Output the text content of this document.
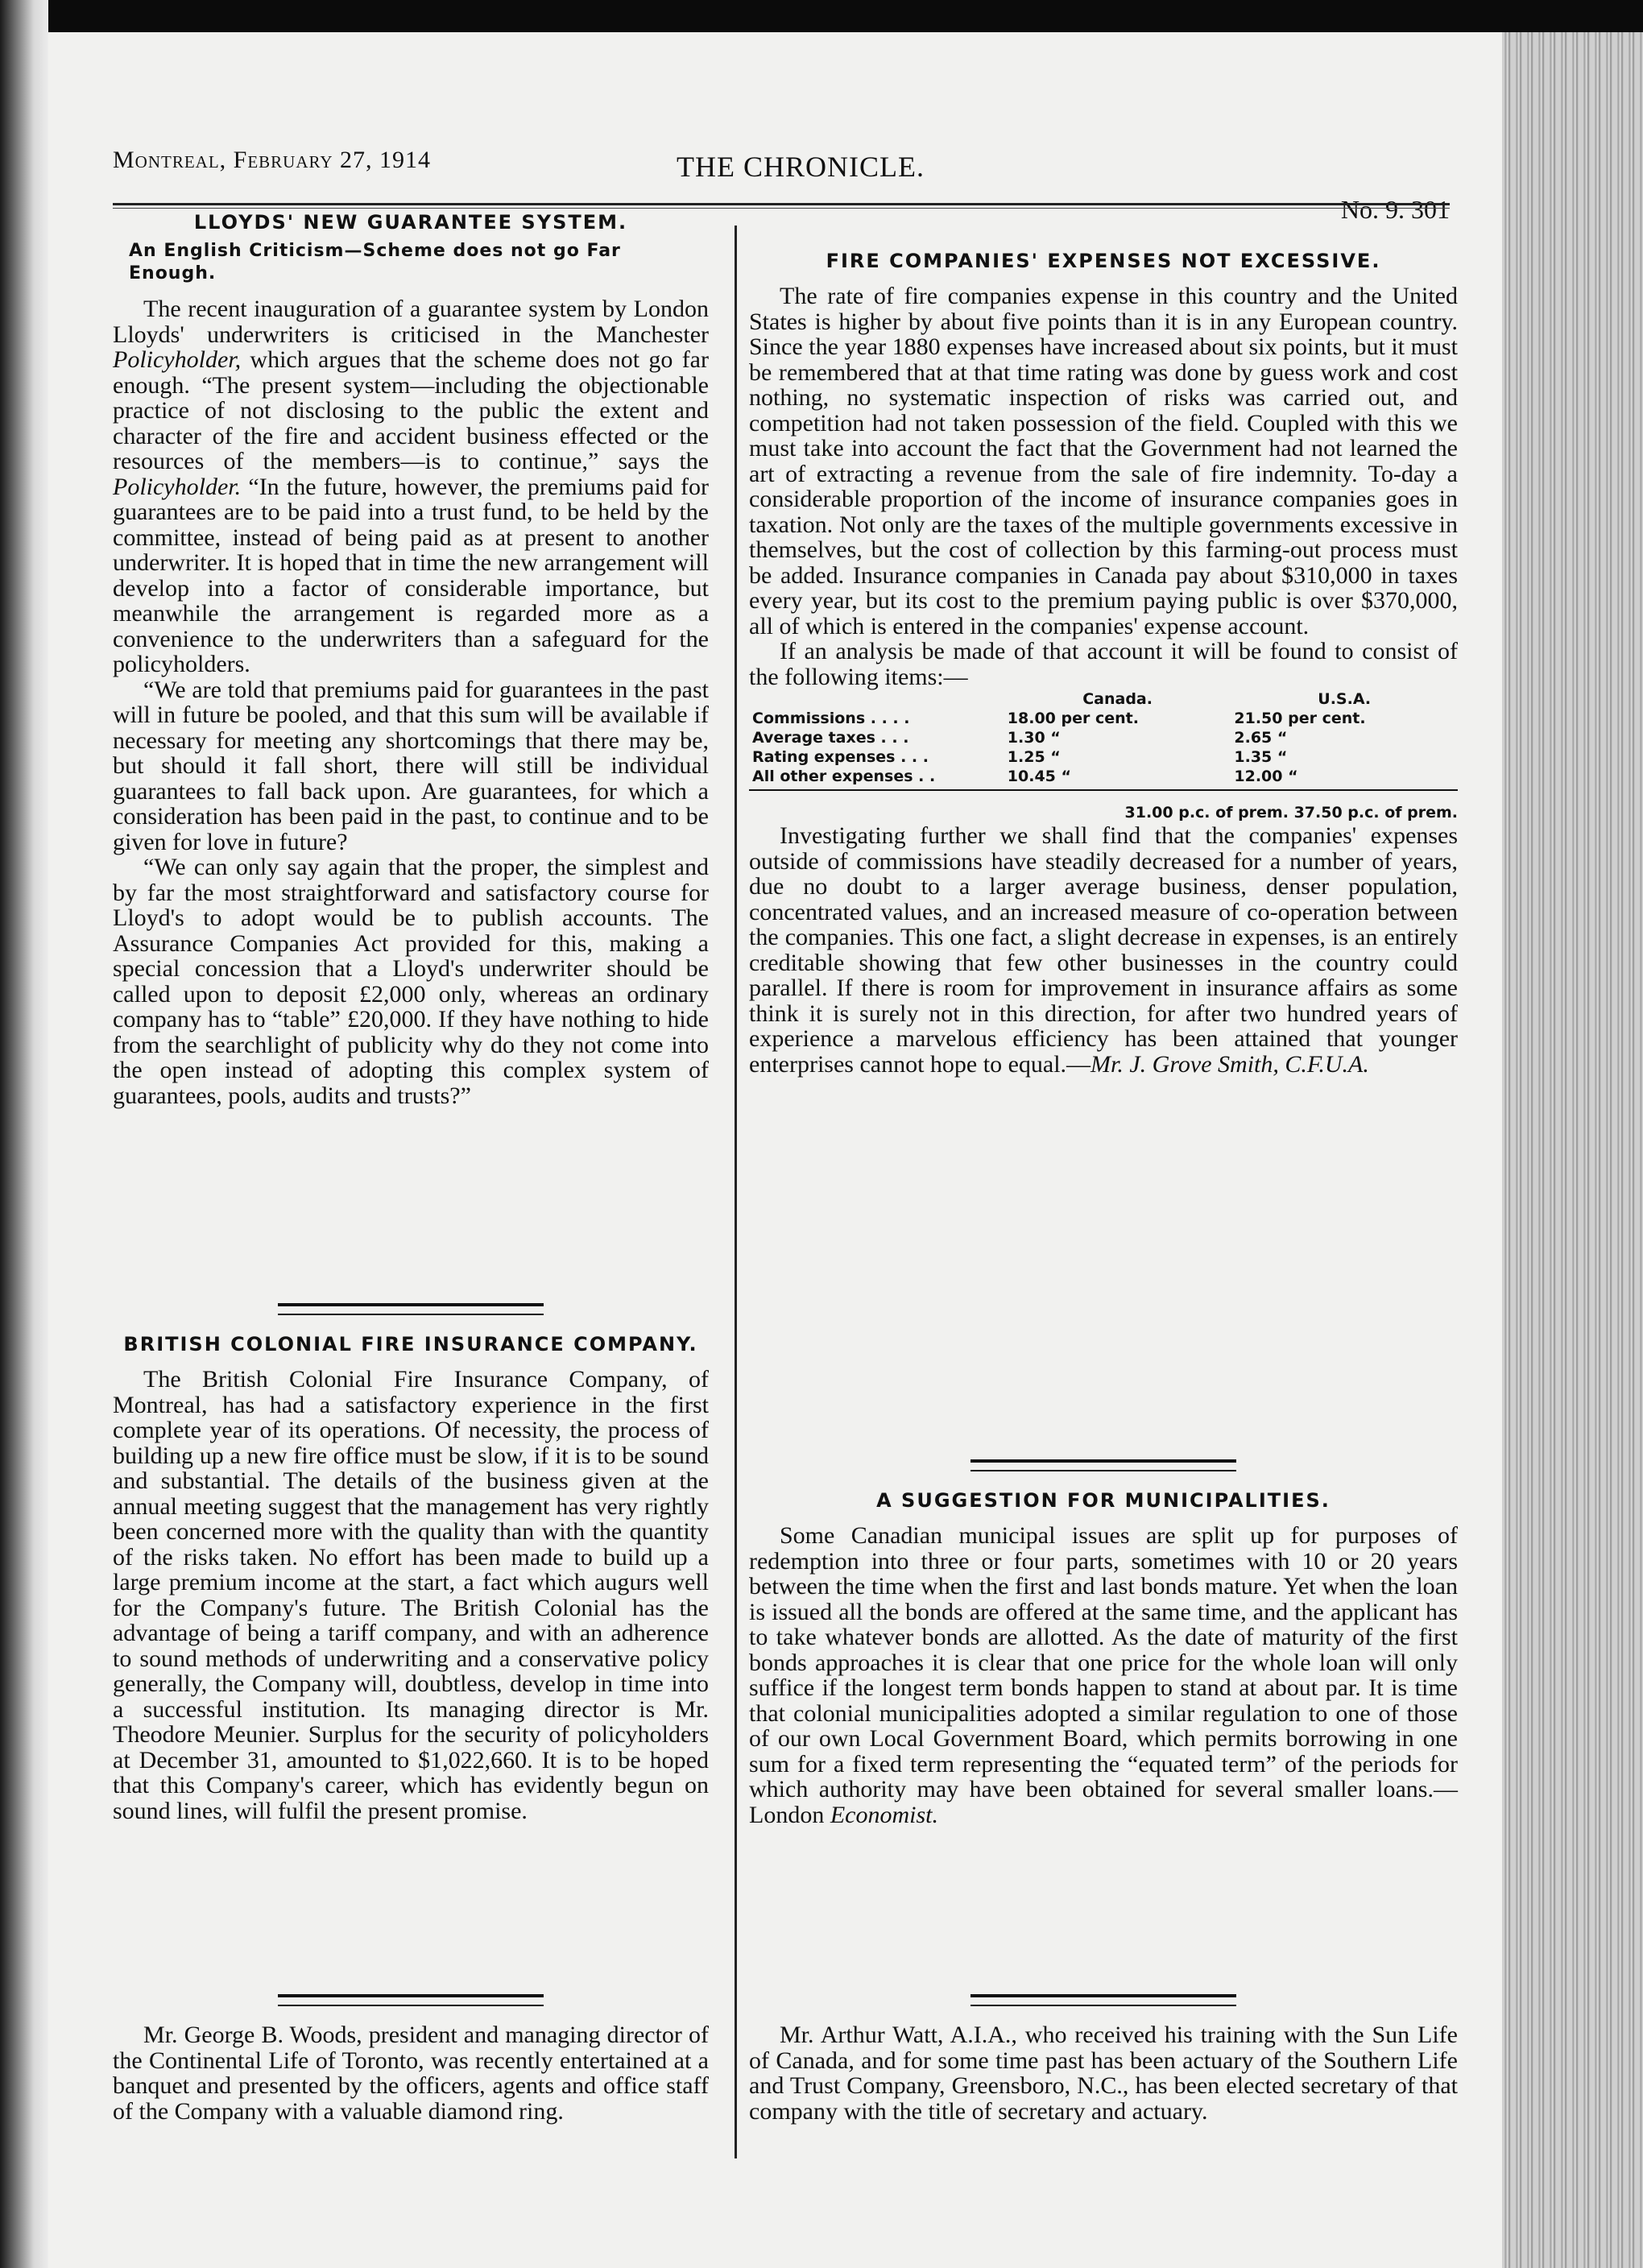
Montreal, February 27, 1914	THE CHRONICLE.
No. 9. 301
LLOYDS' NEW GUARANTEE SYSTEM.
An English Criticism—Scheme does not go Far Enough.

The recent inauguration of a guarantee system by London Lloyds' underwriters is criticised in the Manchester Policyholder, which argues that the scheme does not go far enough. “The present system—including the objectionable practice of not disclosing to the public the extent and character of the fire and accident business effected or the resources of the members—is to continue,” says the Policyholder. “In the future, however, the premiums paid for guarantees are to be paid into a trust fund, to be held by the committee, instead of being paid as at present to another underwriter. It is hoped that in time the new arrangement will develop into a factor of considerable importance, but meanwhile the arrangement is regarded more as a convenience to the underwriters than a safeguard for the policyholders.

“We are told that premiums paid for guarantees in the past will in future be pooled, and that this sum will be available if necessary for meeting any shortcomings that there may be, but should it fall short, there will still be individual guarantees to fall back upon. Are guarantees, for which a consideration has been paid in the past, to continue and to be given for love in future?

“We can only say again that the proper, the simplest and by far the most straightforward and satisfactory course for Lloyd's to adopt would be to publish accounts. The Assurance Companies Act provided for this, making a special concession that a Lloyd's underwriter should be called upon to deposit £2,000 only, whereas an ordinary company has to “table” £20,000. If they have nothing to hide from the searchlight of publicity why do they not come into the open instead of adopting this complex system of guarantees, pools, audits and trusts?”

BRITISH COLONIAL FIRE INSURANCE COMPANY.

The British Colonial Fire Insurance Company, of Montreal, has had a satisfactory experience in the first complete year of its operations. Of necessity, the process of building up a new fire office must be slow, if it is to be sound and substantial. The details of the business given at the annual meeting suggest that the management has very rightly been concerned more with the quality than with the quantity of the risks taken. No effort has been made to build up a large premium income at the start, a fact which augurs well for the Company's future. The British Colonial has the advantage of being a tariff company, and with an adherence to sound methods of underwriting and a conservative policy generally, the Company will, doubtless, develop in time into a successful institution. Its managing director is Mr. Theodore Meunier. Surplus for the security of policyholders at December 31, amounted to $1,022,660. It is to be hoped that this Company's career, which has evidently begun on sound lines, will fulfil the present promise.

Mr. George B. Woods, president and managing director of the Continental Life of Toronto, was recently entertained at a banquet and presented by the officers, agents and office staff of the Company with a valuable diamond ring.

FIRE COMPANIES' EXPENSES NOT EXCESSIVE.

The rate of fire companies expense in this country and the United States is higher by about five points than it is in any European country. Since the year 1880 expenses have increased about six points, but it must be remembered that at that time rating was done by guess work and cost nothing, no systematic inspection of risks was carried out, and competition had not taken possession of the field. Coupled with this we must take into account the fact that the Government had not learned the art of extracting a revenue from the sale of fire indemnity. To-day a considerable proportion of the income of insurance companies goes in taxation. Not only are the taxes of the multiple governments excessive in themselves, but the cost of collection by this farming-out process must be added. Insurance companies in Canada pay about $310,000 in taxes every year, but its cost to the premium paying public is over $370,000, all of which is entered in the companies' expense account.

If an analysis be made of that account it will be found to consist of the following items:—

	Canada.	U.S.A.
Commissions . . . .	18.00 per cent.	21.50 per cent.
Average taxes . . .	1.30 “	2.65 “
Rating expenses . . .	1.25 “	1.35 “
All other expenses . .	10.45 “	12.00 “
31.00 p.c. of prem. 37.50 p.c. of prem.

Investigating further we shall find that the companies' expenses outside of commissions have steadily decreased for a number of years, due no doubt to a larger average business, denser population, concentrated values, and an increased measure of co-operation between the companies. This one fact, a slight decrease in expenses, is an entirely creditable showing that few other businesses in the country could parallel. If there is room for improvement in insurance affairs as some think it is surely not in this direction, for after two hundred years of experience a marvelous efficiency has been attained that younger enterprises cannot hope to equal.—Mr. J. Grove Smith, C.F.U.A.

A SUGGESTION FOR MUNICIPALITIES.

Some Canadian municipal issues are split up for purposes of redemption into three or four parts, sometimes with 10 or 20 years between the time when the first and last bonds mature. Yet when the loan is issued all the bonds are offered at the same time, and the applicant has to take whatever bonds are allotted. As the date of maturity of the first bonds approaches it is clear that one price for the whole loan will only suffice if the longest term bonds happen to stand at about par. It is time that colonial municipalities adopted a similar regulation to one of those of our own Local Government Board, which permits borrowing in one sum for a fixed term representing the “equated term” of the periods for which authority may have been obtained for several smaller loans.—London Economist.

Mr. Arthur Watt, A.I.A., who received his training with the Sun Life of Canada, and for some time past has been actuary of the Southern Life and Trust Company, Greensboro, N.C., has been elected secretary of that company with the title of secretary and actuary.
